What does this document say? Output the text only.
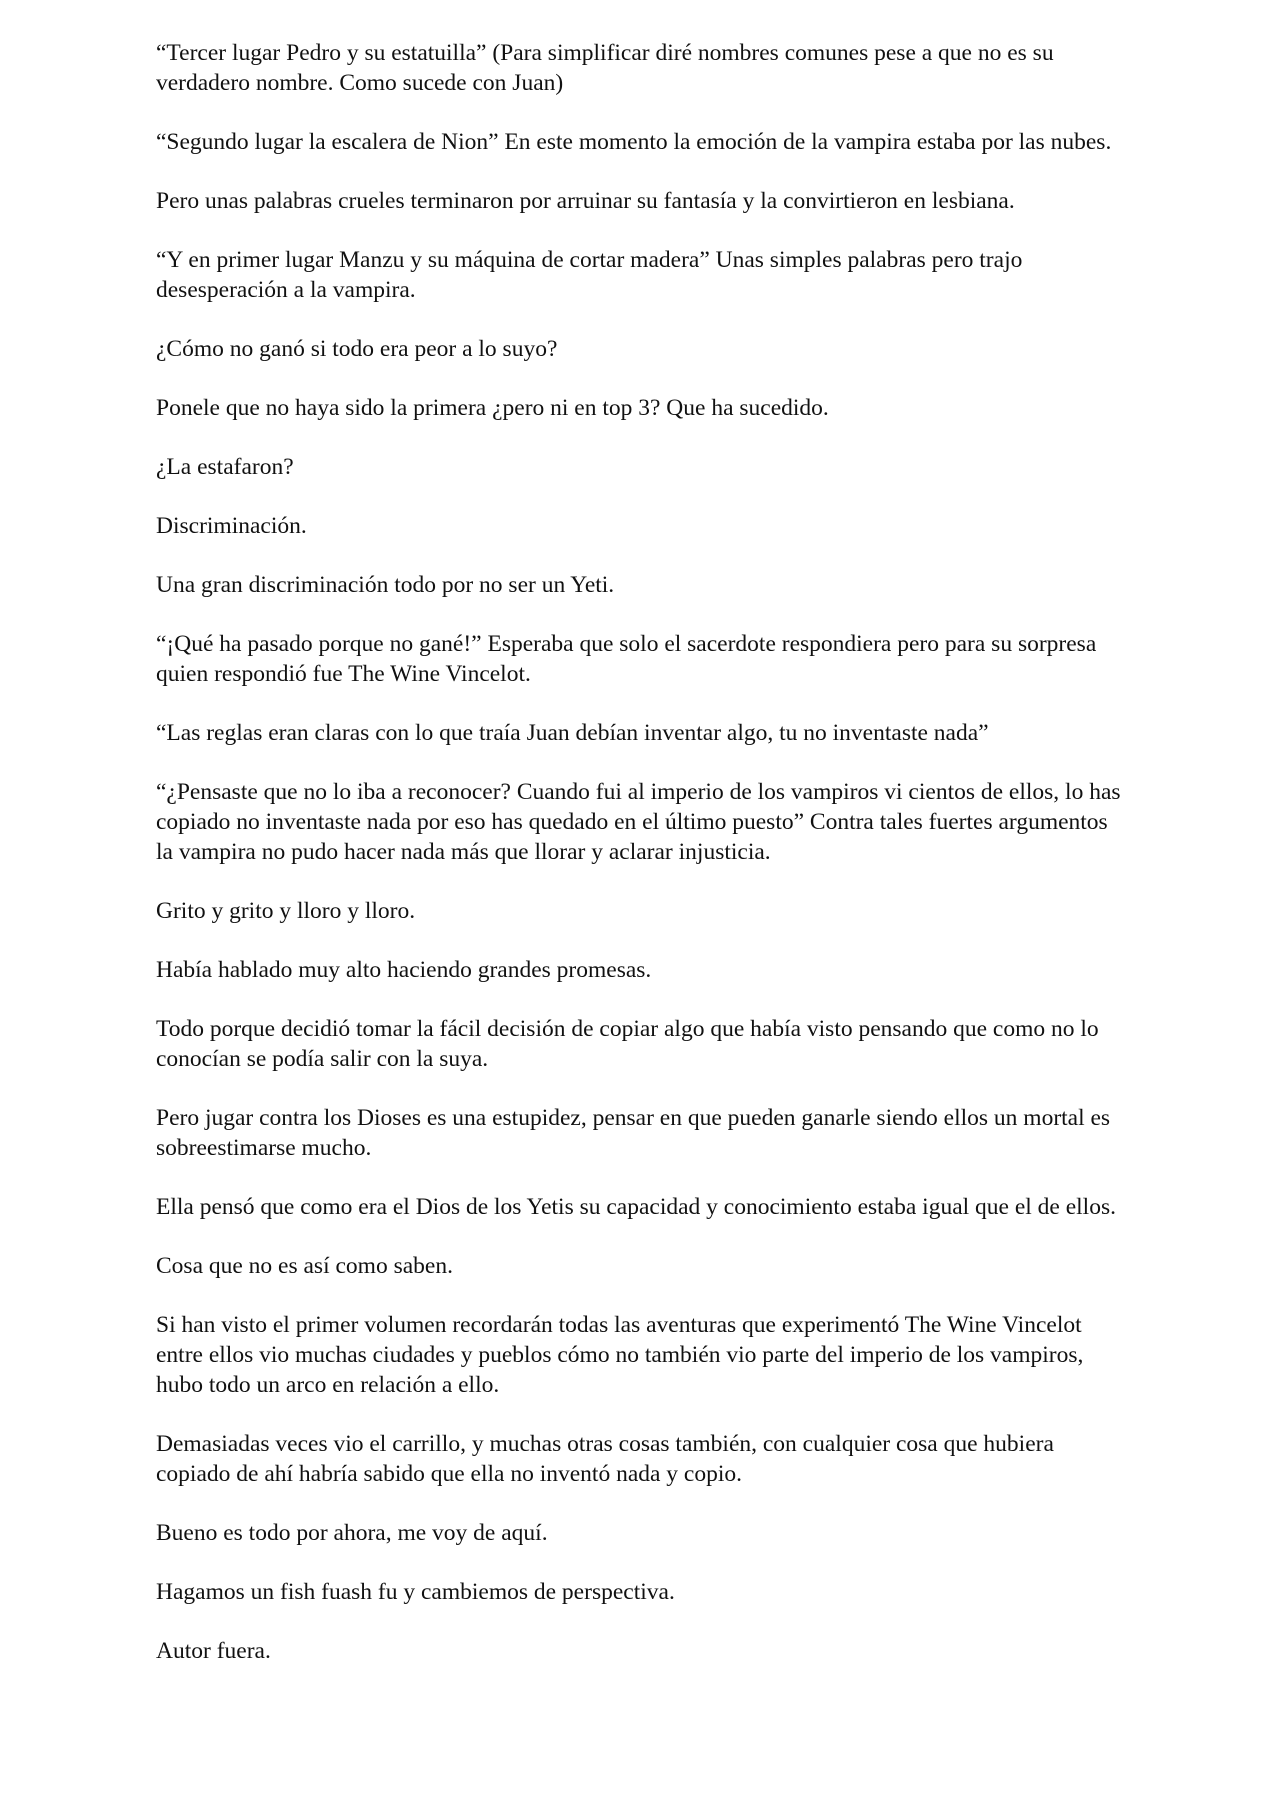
“Tercer lugar Pedro y su estatuilla” (Para simplificar diré nombres comunes pese a que no es su verdadero nombre. Como sucede con Juan)

“Segundo lugar la escalera de Nion” En este momento la emoción de la vampira estaba por las nubes.

Pero unas palabras crueles terminaron por arruinar su fantasía y la convirtieron en lesbiana.

“Y en primer lugar Manzu y su máquina de cortar madera” Unas simples palabras pero trajo desesperación a la vampira.

¿Cómo no ganó si todo era peor a lo suyo?

Ponele que no haya sido la primera ¿pero ni en top 3? Que ha sucedido.

¿La estafaron?

Discriminación.

Una gran discriminación todo por no ser un Yeti.

“¡Qué ha pasado porque no gané!” Esperaba que solo el sacerdote respondiera pero para su sorpresa quien respondió fue The Wine Vincelot.

“Las reglas eran claras con lo que traía Juan debían inventar algo, tu no inventaste nada”

“¿Pensaste que no lo iba a reconocer? Cuando fui al imperio de los vampiros vi cientos de ellos, lo has copiado no inventaste nada por eso has quedado en el último puesto” Contra tales fuertes argumentos la vampira no pudo hacer nada más que llorar y aclarar injusticia.

Grito y grito y lloro y lloro.

Había hablado muy alto haciendo grandes promesas.

Todo porque decidió tomar la fácil decisión de copiar algo que había visto pensando que como no lo conocían se podía salir con la suya.

Pero jugar contra los Dioses es una estupidez, pensar en que pueden ganarle siendo ellos un mortal es sobreestimarse mucho.

Ella pensó que como era el Dios de los Yetis su capacidad y conocimiento estaba igual que el de ellos.

Cosa que no es así como saben.

Si han visto el primer volumen recordarán todas las aventuras que experimentó The Wine Vincelot entre ellos vio muchas ciudades y pueblos cómo no también vio parte del imperio de los vampiros, hubo todo un arco en relación a ello.

Demasiadas veces vio el carrillo, y muchas otras cosas también, con cualquier cosa que hubiera copiado de ahí habría sabido que ella no inventó nada y copio.

Bueno es todo por ahora, me voy de aquí.

Hagamos un fish fuash fu y cambiemos de perspectiva.

Autor fuera.
